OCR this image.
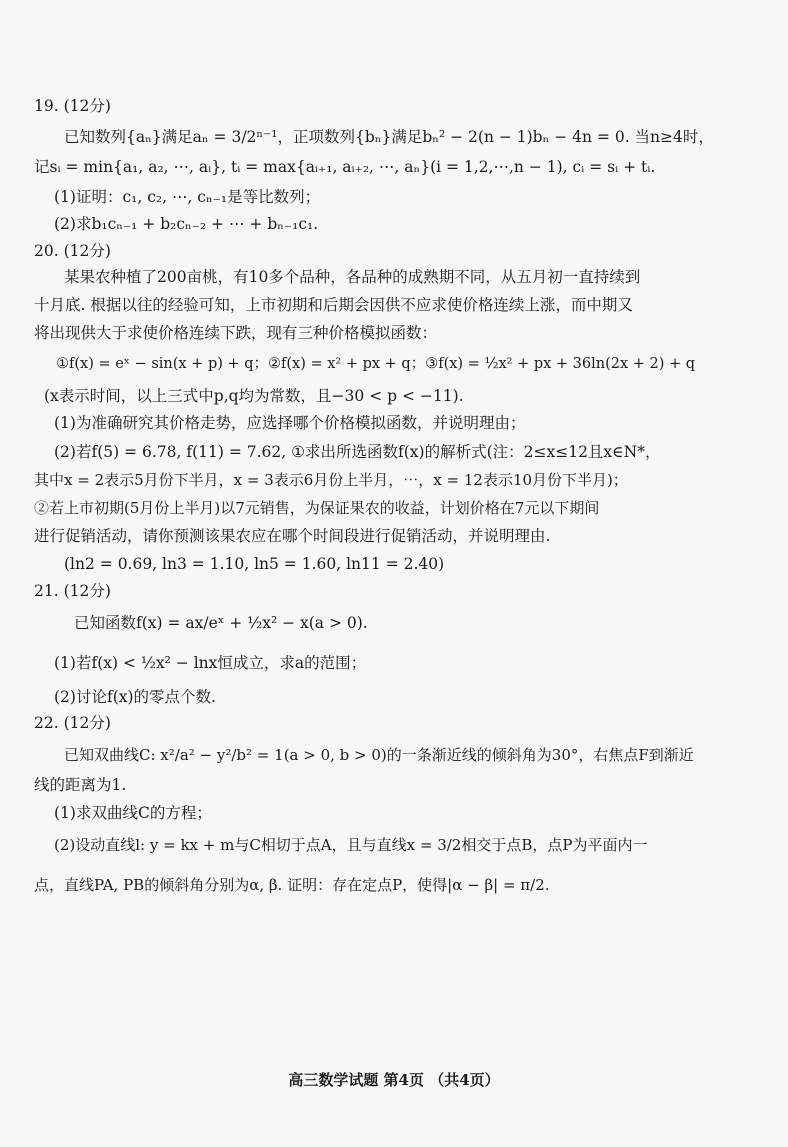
19. (12分)
已知数列{aₙ}满足aₙ = 3/2ⁿ⁻¹，正项数列{bₙ}满足bₙ² − 2(n − 1)bₙ − 4n = 0. 当n≥4时，
记sᵢ = min{a₁, a₂, ⋯, aᵢ}, tᵢ = max{aᵢ₊₁, aᵢ₊₂, ⋯, aₙ}(i = 1,2,⋯,n − 1), cᵢ = sᵢ + tᵢ.
(1)证明：c₁, c₂, ⋯, cₙ₋₁是等比数列；
(2)求b₁cₙ₋₁ + b₂cₙ₋₂ + ⋯ + bₙ₋₁c₁.
20. (12分)
某果农种植了200亩桃，有10多个品种，各品种的成熟期不同，从五月初一直持续到
十月底. 根据以往的经验可知，上市初期和后期会因供不应求使价格连续上涨，而中期又
将出现供大于求使价格连续下跌，现有三种价格模拟函数：
①f(x) = eˣ − sin(x + p) + q；②f(x) = x² + px + q；③f(x) = ½x² + px + 36ln(2x + 2) + q
(x表示时间，以上三式中p,q均为常数，且−30 < p < −11).
(1)为准确研究其价格走势，应选择哪个价格模拟函数，并说明理由；
(2)若f(5) = 6.78, f(11) = 7.62, ①求出所选函数f(x)的解析式(注：2≤x≤12且x∈N*，
其中x = 2表示5月份下半月，x = 3表示6月份上半月，⋯，x = 12表示10月份下半月)；
②若上市初期(5月份上半月)以7元销售，为保证果农的收益，计划价格在7元以下期间
进行促销活动，请你预测该果农应在哪个时间段进行促销活动，并说明理由.
(ln2 = 0.69, ln3 = 1.10, ln5 = 1.60, ln11 = 2.40)
21. (12分)
已知函数f(x) = ax/eˣ + ½x² − x(a > 0).
(1)若f(x) < ½x² − lnx恒成立，求a的范围；
(2)讨论f(x)的零点个数.
22. (12分)
已知双曲线C: x²/a² − y²/b² = 1(a > 0, b > 0)的一条渐近线的倾斜角为30°，右焦点F到渐近
线的距离为1.
(1)求双曲线C的方程；
(2)设动直线l: y = kx + m与C相切于点A，且与直线x = 3/2相交于点B，点P为平面内一
点，直线PA, PB的倾斜角分别为α, β. 证明：存在定点P，使得|α − β| = π/2.
高三数学试题 第4页 （共4页）
